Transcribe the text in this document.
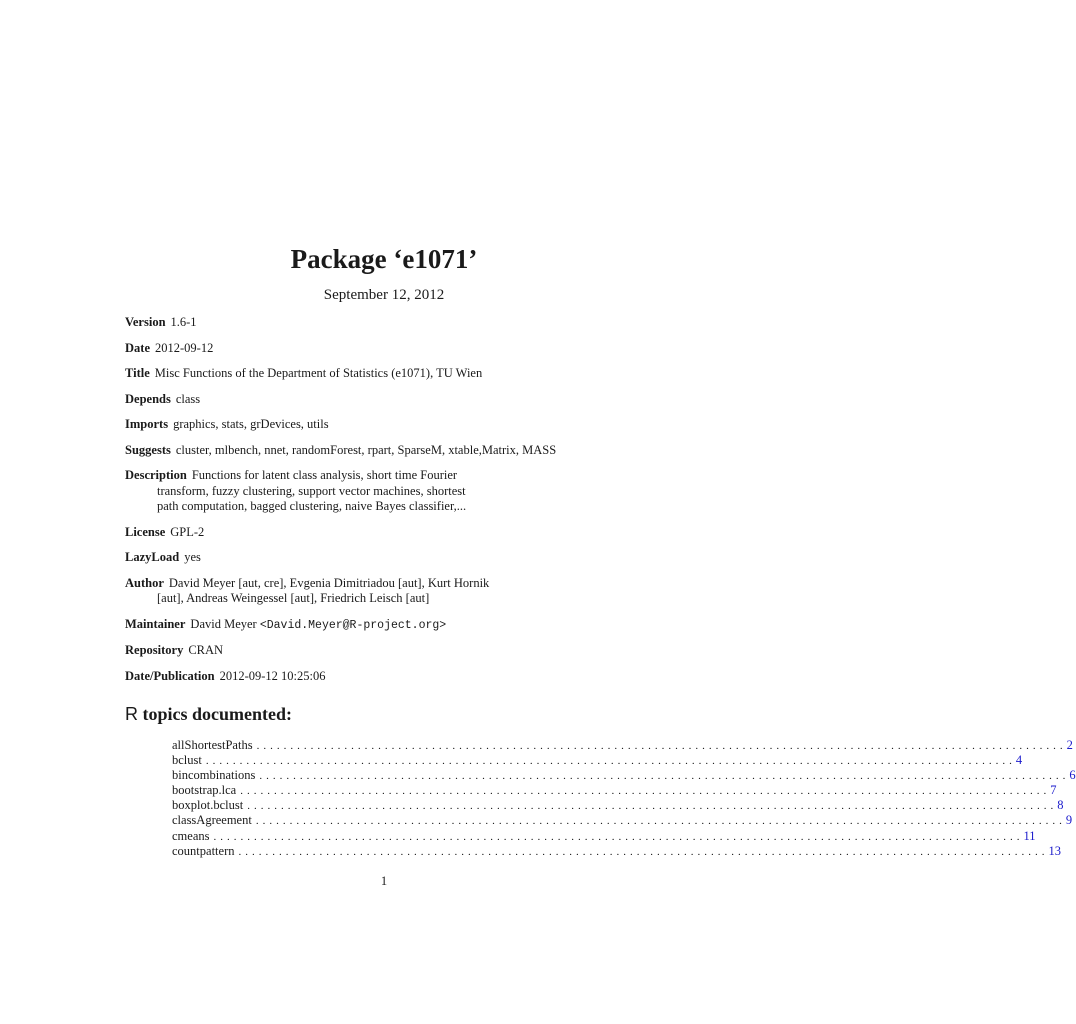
Package ‘e1071’
September 12, 2012
Version 1.6-1
Date 2012-09-12
Title Misc Functions of the Department of Statistics (e1071), TU Wien
Depends class
Imports graphics, stats, grDevices, utils
Suggests cluster, mlbench, nnet, randomForest, rpart, SparseM, xtable,Matrix, MASS
Description Functions for latent class analysis, short time Fourier
transform, fuzzy clustering, support vector machines, shortest
path computation, bagged clustering, naive Bayes classifier,...
License GPL-2
LazyLoad yes
Author David Meyer [aut, cre], Evgenia Dimitriadou [aut], Kurt Hornik
[aut], Andreas Weingessel [aut], Friedrich Leisch [aut]
Maintainer David Meyer <David.Meyer@R-project.org>
Repository CRAN
Date/Publication 2012-09-12 10:25:06
R topics documented:
allShortestPaths ........................................................................................................................ 2
bclust ........................................................................................................................ 4
bincombinations ........................................................................................................................ 6
bootstrap.lca ........................................................................................................................ 7
boxplot.bclust ........................................................................................................................ 8
classAgreement ........................................................................................................................ 9
cmeans ........................................................................................................................ 11
countpattern ........................................................................................................................ 13
1
